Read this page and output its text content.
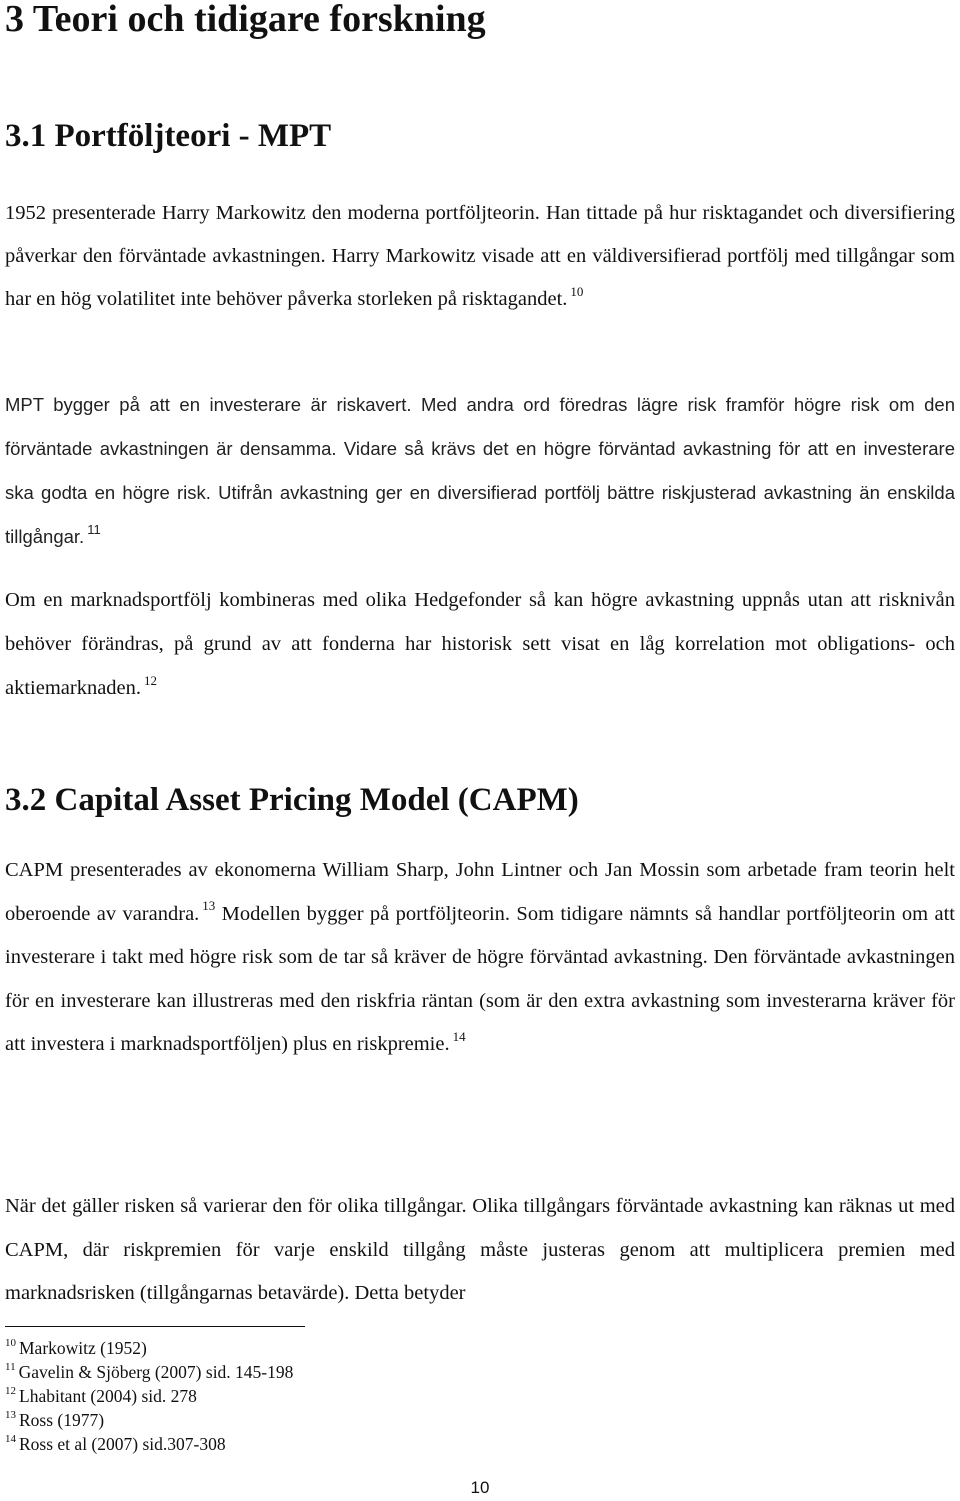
3 Teori och tidigare forskning
3.1 Portföljteori - MPT

1952 presenterade Harry Markowitz den moderna portföljteorin. Han tittade på hur risktagandet och diversifiering påverkar den förväntade avkastningen. Harry Markowitz visade att en väldiversifierad portfölj med tillgångar som har en hög volatilitet inte behöver påverka storleken på risktagandet. $^{10}$

MPT bygger på att en investerare är riskavert. Med andra ord föredras lägre risk framför högre risk om den förväntade avkastningen är densamma. Vidare så krävs det en högre förväntad avkastning för att en investerare ska godta en högre risk. Utifrån avkastning ger en diversifierad portfölj bättre riskjusterad avkastning än enskilda tillgångar. $^{11}$

Om en marknadsportfölj kombineras med olika Hedgefonder så kan högre avkastning uppnås utan att risknivån behöver förändras, på grund av att fonderna har historisk sett visat en låg korrelation mot obligations- och aktiemarknaden. $^{12}$

3.2 Capital Asset Pricing Model (CAPM)

CAPM presenterades av ekonomerna William Sharp, John Lintner och Jan Mossin som arbetade fram teorin helt oberoende av varandra. $^{13}$ Modellen bygger på portföljteorin. Som tidigare nämnts så handlar portföljteorin om att investerare i takt med högre risk som de tar så kräver de högre förväntad avkastning. Den förväntade avkastningen för en investerare kan illustreras med den riskfria räntan (som är den extra avkastning som investerarna kräver för att investera i marknadsportföljen) plus en riskpremie. $^{14}$

När det gäller risken så varierar den för olika tillgångar. Olika tillgångars förväntade avkastning kan räknas ut med CAPM, där riskpremien för varje enskild tillgång måste justeras genom att multiplicera premien med marknadsrisken (tillgångarnas betavärde). Detta betyder

$^{10}$ Markowitz (1952)

$^{11}$ Gavelin & Sjöberg (2007) sid. 145-198

$^{12}$ Lhabitant (2004) sid. 278

$^{13}$ Ross (1977)

$^{14}$ Ross et al (2007) sid.307-308

10
